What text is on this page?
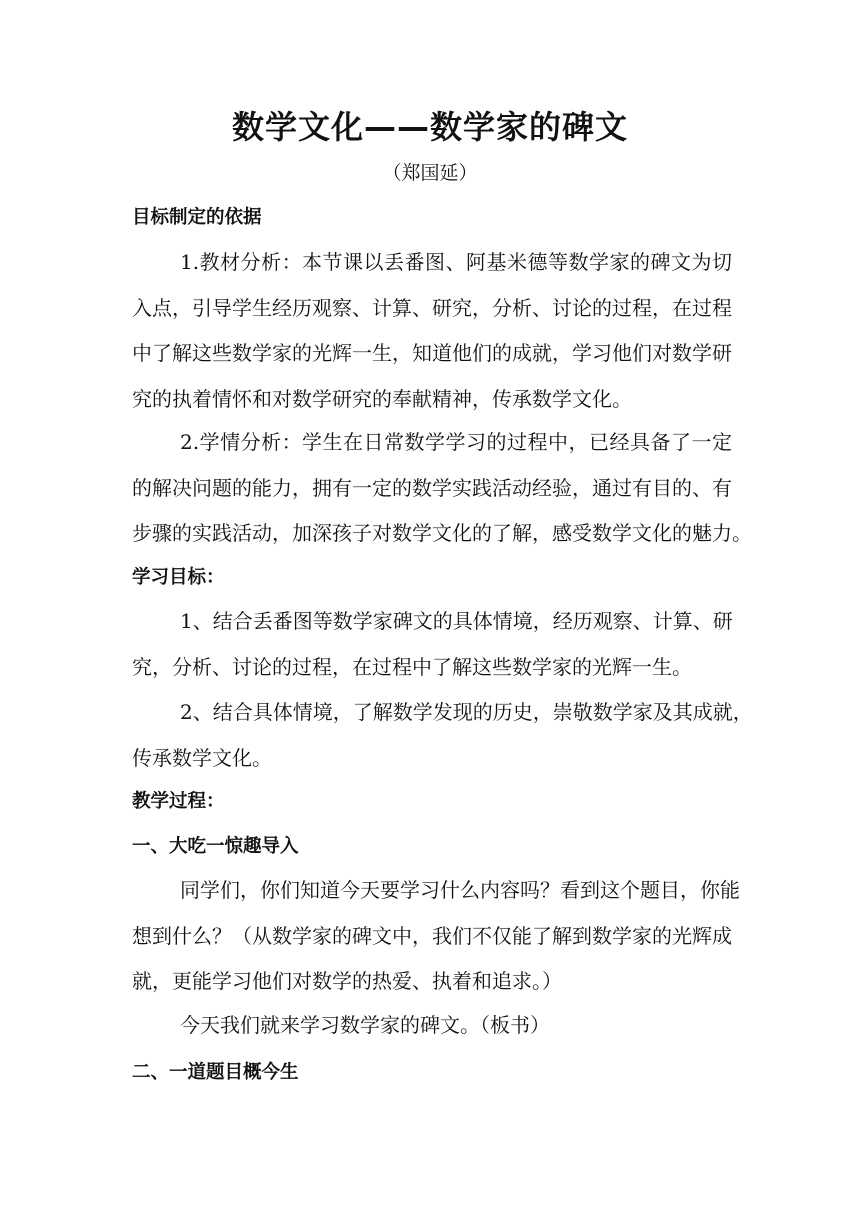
数学文化——数学家的碑文
（郑国延）
目标制定的依据
1.教材分析：本节课以丢番图、阿基米德等数学家的碑文为切
入点，引导学生经历观察、计算、研究，分析、讨论的过程，在过程
中了解这些数学家的光辉一生，知道他们的成就，学习他们对数学研
究的执着情怀和对数学研究的奉献精神，传承数学文化。
2.学情分析：学生在日常数学学习的过程中，已经具备了一定
的解决问题的能力，拥有一定的数学实践活动经验，通过有目的、有
步骤的实践活动，加深孩子对数学文化的了解，感受数学文化的魅力。
学习目标：
1、结合丢番图等数学家碑文的具体情境，经历观察、计算、研
究，分析、讨论的过程，在过程中了解这些数学家的光辉一生。
2、结合具体情境，了解数学发现的历史，崇敬数学家及其成就，
传承数学文化。
教学过程：
一、大吃一惊趣导入
同学们，你们知道今天要学习什么内容吗？看到这个题目，你能
想到什么？（从数学家的碑文中，我们不仅能了解到数学家的光辉成
就，更能学习他们对数学的热爱、执着和追求。）
今天我们就来学习数学家的碑文。（板书）
二、一道题目概今生
